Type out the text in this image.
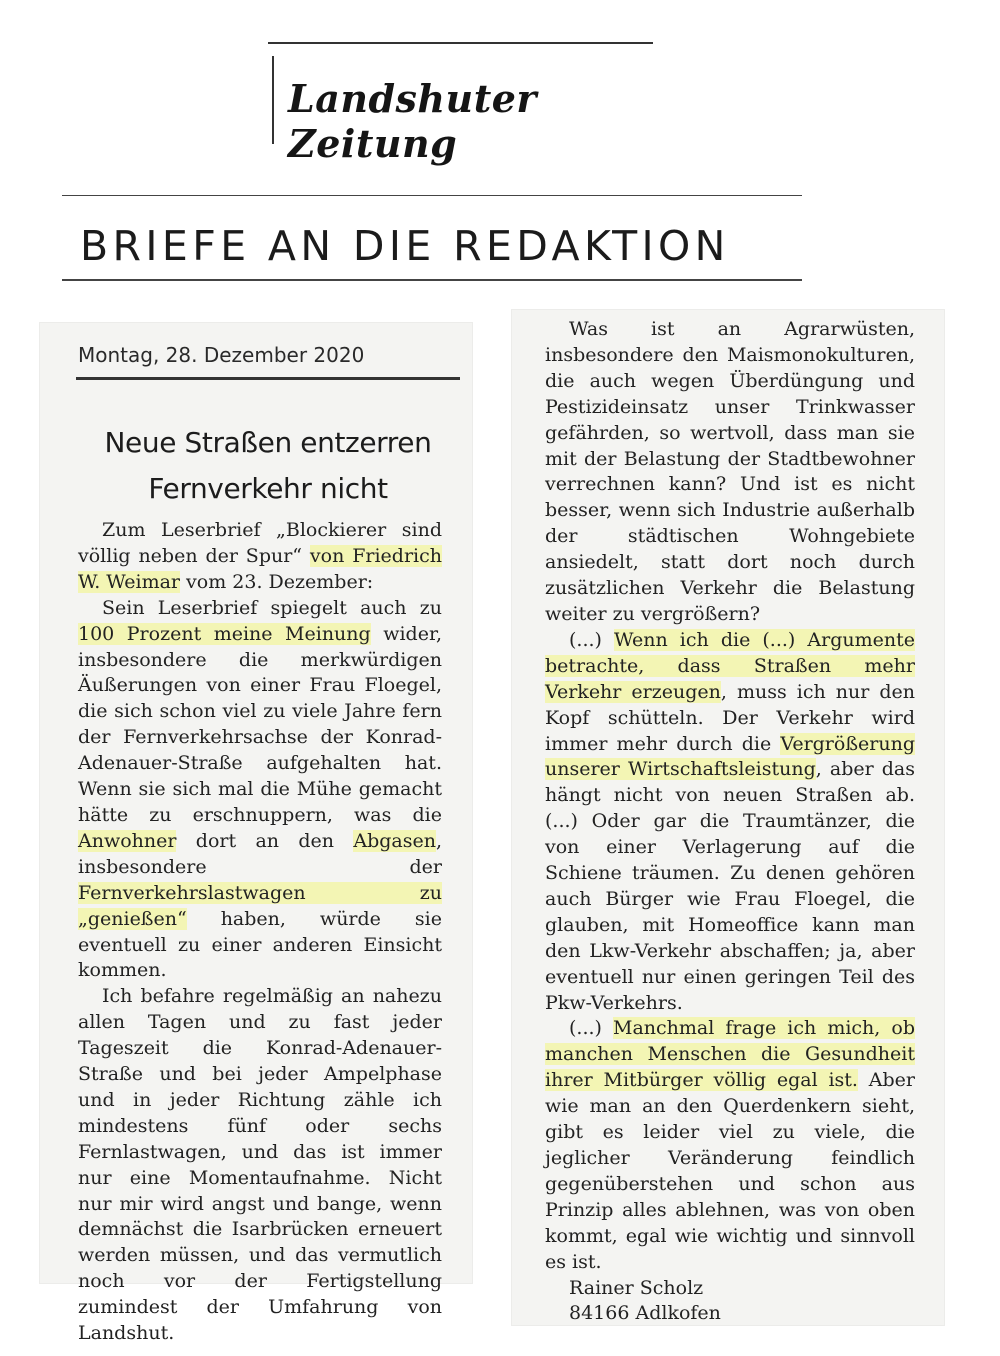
Landshuter Zeitung
BRIEFE AN DIE REDAKTION
Montag, 28. Dezember 2020
Neue Straßen entzerren
Fernverkehr nicht

Zum Leserbrief „Blockierer sind völlig neben der Spur“ von Friedrich W. Weimar vom 23. Dezember:

Sein Leserbrief spiegelt auch zu 100 Prozent meine Meinung wider, insbesondere die merkwürdigen Äußerungen von einer Frau Floegel, die sich schon viel zu viele Jahre fern der Fernverkehrsachse der Konrad-Adenauer-Straße aufgehalten hat. Wenn sie sich mal die Mühe gemacht hätte zu erschnuppern, was die Anwohner dort an den Abgasen, insbesondere der Fernverkehrslastwagen zu „genießen“ haben, würde sie eventuell zu einer anderen Einsicht kommen.

Ich befahre regelmäßig an nahezu allen Tagen und zu fast jeder Tageszeit die Konrad-Adenauer-Straße und bei jeder Ampelphase und in jeder Richtung zähle ich mindestens fünf oder sechs Fernlastwagen, und das ist immer nur eine Momentaufnahme. Nicht nur mir wird angst und bange, wenn demnächst die Isarbrücken erneuert werden müssen, und das vermutlich noch vor der Fertigstellung zumindest der Umfahrung von Landshut.

Was ist an Agrarwüsten, insbesondere den Maismonokulturen, die auch wegen Überdüngung und Pestizideinsatz unser Trinkwasser gefährden, so wertvoll, dass man sie mit der Belastung der Stadtbewohner verrechnen kann? Und ist es nicht besser, wenn sich Industrie außerhalb der städtischen Wohngebiete ansiedelt, statt dort noch durch zusätzlichen Verkehr die Belastung weiter zu vergrößern?

(...) Wenn ich die (...) Argumente betrachte, dass Straßen mehr Verkehr erzeugen, muss ich nur den Kopf schütteln. Der Verkehr wird immer mehr durch die Vergrößerung unserer Wirtschaftsleistung, aber das hängt nicht von neuen Straßen ab. (...) Oder gar die Traumtänzer, die von einer Verlagerung auf die Schiene träumen. Zu denen gehören auch Bürger wie Frau Floegel, die glauben, mit Homeoffice kann man den Lkw-Verkehr abschaffen; ja, aber eventuell nur einen geringen Teil des Pkw-Verkehrs.

(...) Manchmal frage ich mich, ob manchen Menschen die Gesundheit ihrer Mitbürger völlig egal ist. Aber wie man an den Querdenkern sieht, gibt es leider viel zu viele, die jeglicher Veränderung feindlich gegenüberstehen und schon aus Prinzip alles ablehnen, was von oben kommt, egal wie wichtig und sinnvoll es ist.

Rainer Scholz

84166 Adlkofen
